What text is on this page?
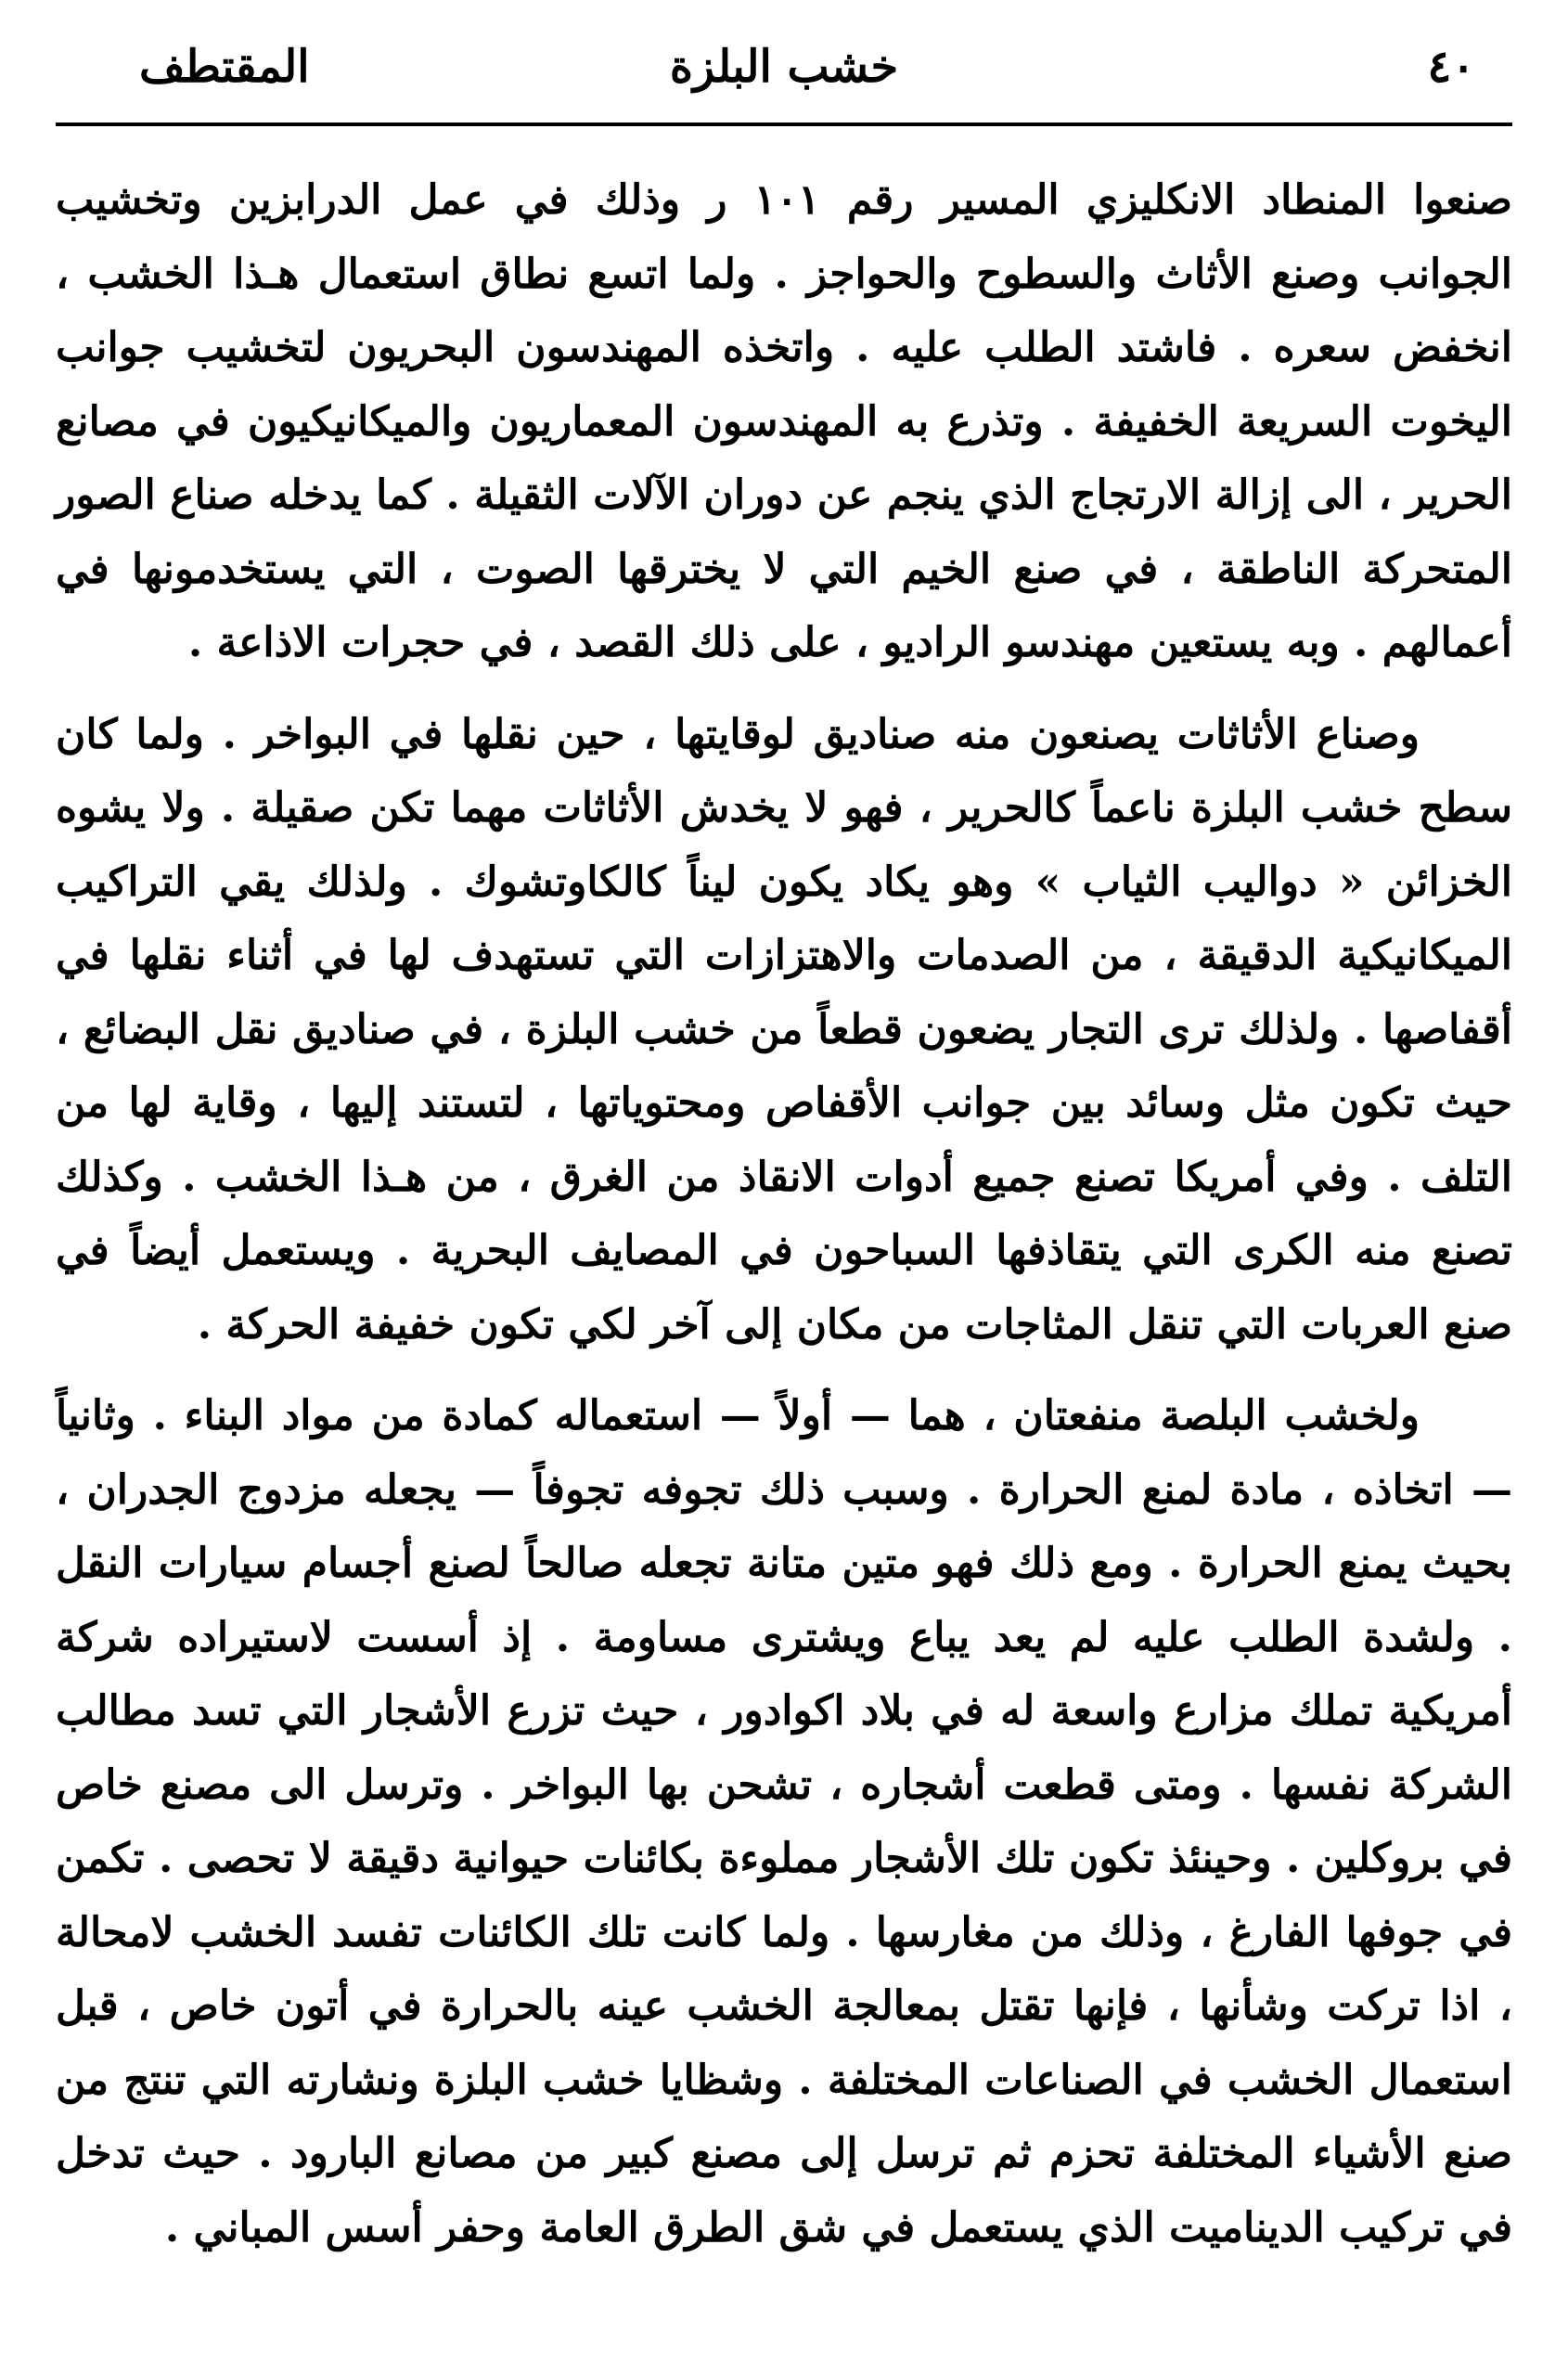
٤٠
خشب البلزة
المقتطف

صنعوا المنطاد الانكليزي المسير رقم ١٠١ ر وذلك في عمل الدرابزين وتخشيب الجوانب وصنع الأثاث والسطوح والحواجز . ولما اتسع نطاق استعمال هـذا الخشب ، انخفض سعره . فاشتد الطلب عليه . واتخذه المهندسون البحريون لتخشيب جوانب اليخوت السريعة الخفيفة . وتذرع به المهندسون المعماريون والميكانيكيون في مصانع الحرير ، الى إزالة الارتجاج الذي ينجم عن دوران الآلات الثقيلة . كما يدخله صناع الصور المتحركة الناطقة ، في صنع الخيم التي لا يخترقها الصوت ، التي يستخدمونها في أعمالهم . وبه يستعين مهندسو الراديو ، على ذلك القصد ، في حجرات الاذاعة .

وصناع الأثاثات يصنعون منه صناديق لوقايتها ، حين نقلها في البواخر . ولما كان سطح خشب البلزة ناعماً كالحرير ، فهو لا يخدش الأثاثات مهما تكن صقيلة . ولا يشوه الخزائن « دواليب الثياب » وهو يكاد يكون ليناً كالكاوتشوك . ولذلك يقي التراكيب الميكانيكية الدقيقة ، من الصدمات والاهتزازات التي تستهدف لها في أثناء نقلها في أقفاصها . ولذلك ترى التجار يضعون قطعاً من خشب البلزة ، في صناديق نقل البضائع ، حيث تكون مثل وسائد بين جوانب الأقفاص ومحتوياتها ، لتستند إليها ، وقاية لها من التلف . وفي أمريكا تصنع جميع أدوات الانقاذ من الغرق ، من هـذا الخشب . وكذلك تصنع منه الكرى التي يتقاذفها السباحون في المصايف البحرية . ويستعمل أيضاً في صنع العربات التي تنقل المثاجات من مكان إلى آخر لكي تكون خفيفة الحركة .

ولخشب البلصة منفعتان ، هما — أولاً — استعماله كمادة من مواد البناء . وثانياً — اتخاذه ، مادة لمنع الحرارة . وسبب ذلك تجوفه تجوفاً — يجعله مزدوج الجدران ، بحيث يمنع الحرارة . ومع ذلك فهو متين متانة تجعله صالحاً لصنع أجسام سيارات النقل . ولشدة الطلب عليه لم يعد يباع ويشترى مساومة . إذ أسست لاستيراده شركة أمريكية تملك مزارع واسعة له في بلاد اكوادور ، حيث تزرع الأشجار التي تسد مطالب الشركة نفسها . ومتى قطعت أشجاره ، تشحن بها البواخر . وترسل الى مصنع خاص في بروكلين . وحينئذ تكون تلك الأشجار مملوءة بكائنات حيوانية دقيقة لا تحصى . تكمن في جوفها الفارغ ، وذلك من مغارسها . ولما كانت تلك الكائنات تفسد الخشب لامحالة ، اذا تركت وشأنها ، فإنها تقتل بمعالجة الخشب عينه بالحرارة في أتون خاص ، قبل استعمال الخشب في الصناعات المختلفة . وشظايا خشب البلزة ونشارته التي تنتج من صنع الأشياء المختلفة تحزم ثم ترسل إلى مصنع كبير من مصانع البارود . حيث تدخل في تركيب الديناميت الذي يستعمل في شق الطرق العامة وحفر أسس المباني .
